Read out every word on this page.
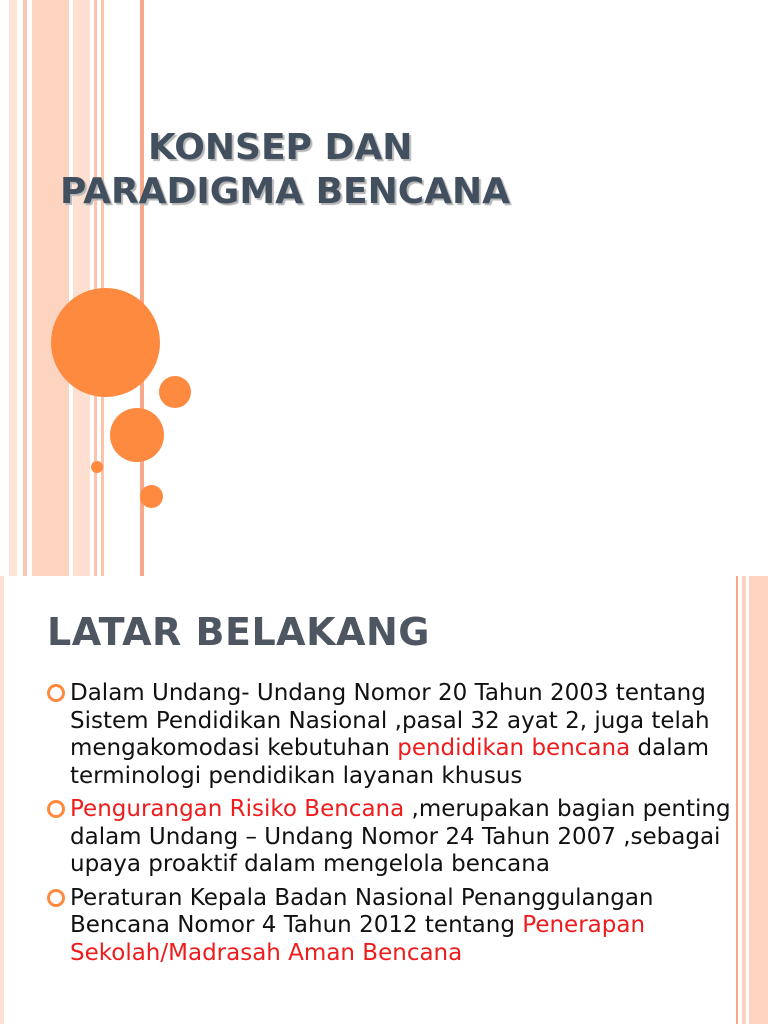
KONSEP DAN
PARADIGMA BENCANA
LATAR BELAKANG
Dalam Undang- Undang Nomor 20 Tahun 2003 tentang Sistem Pendidikan Nasional ,pasal 32 ayat 2, juga telah mengakomodasi kebutuhan pendidikan bencana dalam terminologi pendidikan layanan khusus
Pengurangan Risiko Bencana ,merupakan bagian penting dalam Undang – Undang Nomor 24 Tahun 2007 ,sebagai upaya proaktif dalam mengelola bencana
Peraturan Kepala Badan Nasional Penanggulangan Bencana Nomor 4 Tahun 2012 tentang Penerapan Sekolah/Madrasah Aman Bencana
